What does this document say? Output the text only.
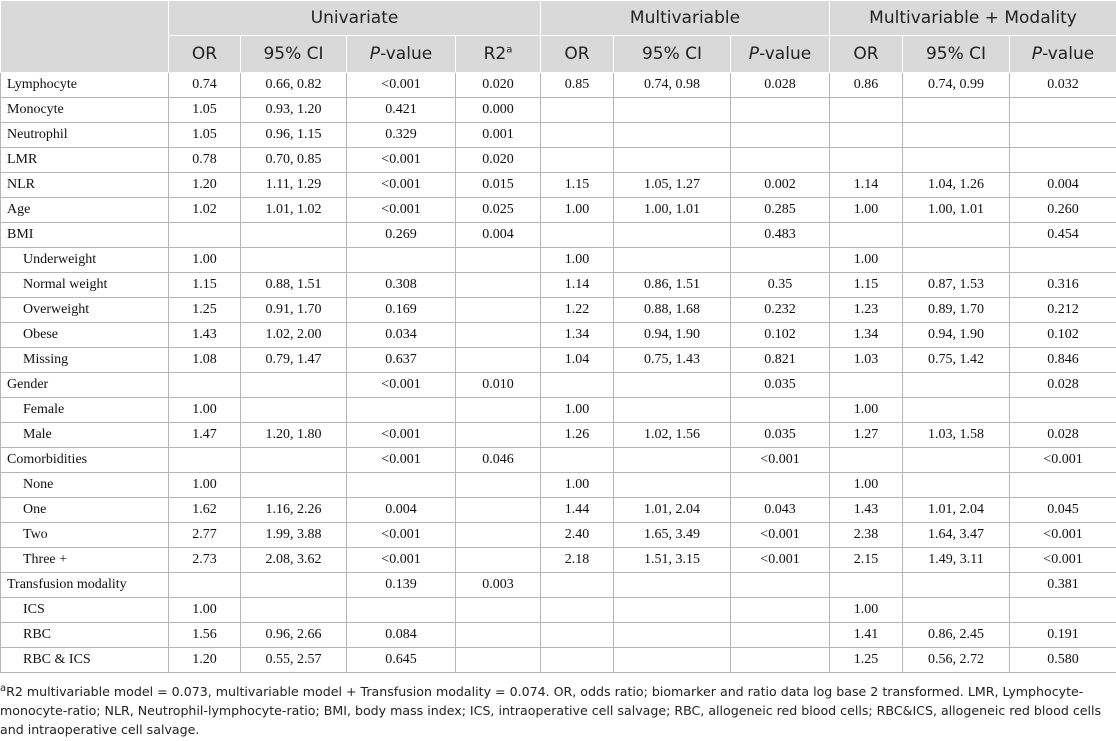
	Univariate				Multivariable			Multivariable + Modality		
	OR	95% CI	P-value	R2$^a$	OR	95% CI	P-value	OR	95% CI	P-value
Lymphocyte	0.74	0.66, 0.82	<0.001	0.020	0.85	0.74, 0.98	0.028	0.86	0.74, 0.99	0.032
Monocyte	1.05	0.93, 1.20	0.421	0.000						
Neutrophil	1.05	0.96, 1.15	0.329	0.001						
LMR	0.78	0.70, 0.85	<0.001	0.020						
NLR	1.20	1.11, 1.29	<0.001	0.015	1.15	1.05, 1.27	0.002	1.14	1.04, 1.26	0.004
Age	1.02	1.01, 1.02	<0.001	0.025	1.00	1.00, 1.01	0.285	1.00	1.00, 1.01	0.260
BMI			0.269	0.004			0.483			0.454
Underweight	1.00				1.00			1.00		
Normal weight	1.15	0.88, 1.51	0.308		1.14	0.86, 1.51	0.35	1.15	0.87, 1.53	0.316
Overweight	1.25	0.91, 1.70	0.169		1.22	0.88, 1.68	0.232	1.23	0.89, 1.70	0.212
Obese	1.43	1.02, 2.00	0.034		1.34	0.94, 1.90	0.102	1.34	0.94, 1.90	0.102
Missing	1.08	0.79, 1.47	0.637		1.04	0.75, 1.43	0.821	1.03	0.75, 1.42	0.846
Gender			<0.001	0.010			0.035			0.028
Female	1.00				1.00			1.00		
Male	1.47	1.20, 1.80	<0.001		1.26	1.02, 1.56	0.035	1.27	1.03, 1.58	0.028
Comorbidities			<0.001	0.046			<0.001			<0.001
None	1.00				1.00			1.00		
One	1.62	1.16, 2.26	0.004		1.44	1.01, 2.04	0.043	1.43	1.01, 2.04	0.045
Two	2.77	1.99, 3.88	<0.001		2.40	1.65, 3.49	<0.001	2.38	1.64, 3.47	<0.001
Three +	2.73	2.08, 3.62	<0.001		2.18	1.51, 3.15	<0.001	2.15	1.49, 3.11	<0.001
Transfusion modality			0.139	0.003						0.381
ICS	1.00							1.00		
RBC	1.56	0.96, 2.66	0.084					1.41	0.86, 2.45	0.191
RBC & ICS	1.20	0.55, 2.57	0.645					1.25	0.56, 2.72	0.580
$^a$R2 multivariable model = 0.073, multivariable model + Transfusion modality = 0.074. OR, odds ratio; biomarker and ratio data log base 2 transformed. LMR, Lymphocyte-monocyte-ratio; NLR, Neutrophil-lymphocyte-ratio; BMI, body mass index; ICS, intraoperative cell salvage; RBC, allogeneic red blood cells; RBC&ICS, allogeneic red blood cells and intraoperative cell salvage.
